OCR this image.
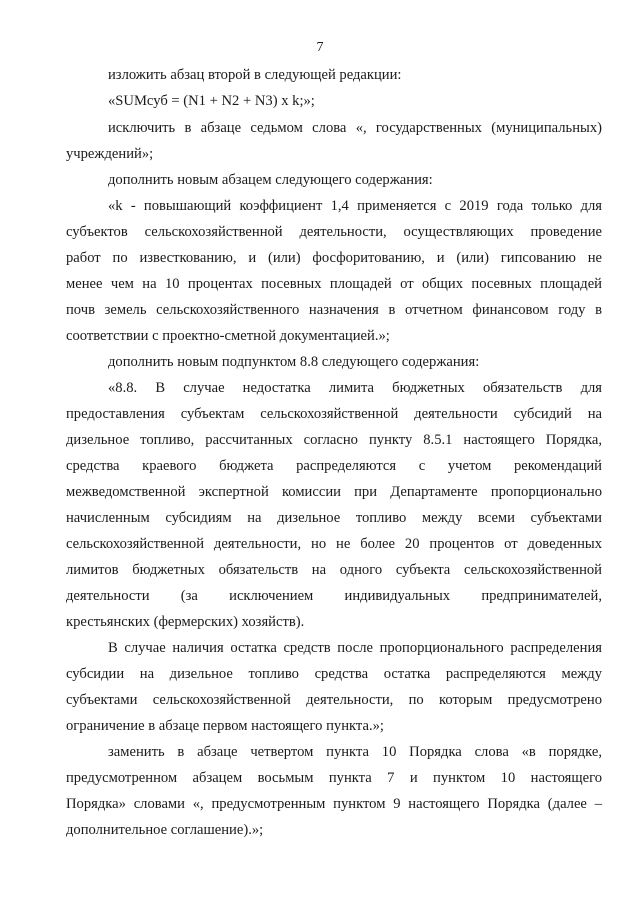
7
изложить абзац второй в следующей редакции:
«SUMсуб = (N1 + N2 + N3) х k;»;
исключить в абзаце седьмом слова «, государственных (муниципальных)
учреждений»;
дополнить новым абзацем следующего содержания:
«k - повышающий коэффициент 1,4 применяется с 2019 года только для
субъектов сельскохозяйственной деятельности, осуществляющих проведение
работ по известкованию, и (или) фосфоритованию, и (или) гипсованию не
менее чем на 10 процентах посевных площадей от общих посевных площадей
почв земель сельскохозяйственного назначения в отчетном финансовом году в
соответствии с проектно-сметной документацией.»;
дополнить новым подпунктом 8.8 следующего содержания:
«8.8. В случае недостатка лимита бюджетных обязательств для
предоставления субъектам сельскохозяйственной деятельности субсидий на
дизельное топливо, рассчитанных согласно пункту 8.5.1 настоящего Порядка,
средства краевого бюджета распределяются с учетом рекомендаций
межведомственной экспертной комиссии при Департаменте пропорционально
начисленным субсидиям на дизельное топливо между всеми субъектами
сельскохозяйственной деятельности, но не более 20 процентов от доведенных
лимитов бюджетных обязательств на одного субъекта сельскохозяйственной
деятельности (за исключением индивидуальных предпринимателей,
крестьянских (фермерских) хозяйств).
В случае наличия остатка средств после пропорционального распределения
субсидии на дизельное топливо средства остатка распределяются между
субъектами сельскохозяйственной деятельности, по которым предусмотрено
ограничение в абзаце первом настоящего пункта.»;
заменить в абзаце четвертом пункта 10 Порядка слова «в порядке,
предусмотренном абзацем восьмым пункта 7 и пунктом 10 настоящего
Порядка» словами «, предусмотренным пунктом 9 настоящего Порядка (далее –
дополнительное соглашение).»;
